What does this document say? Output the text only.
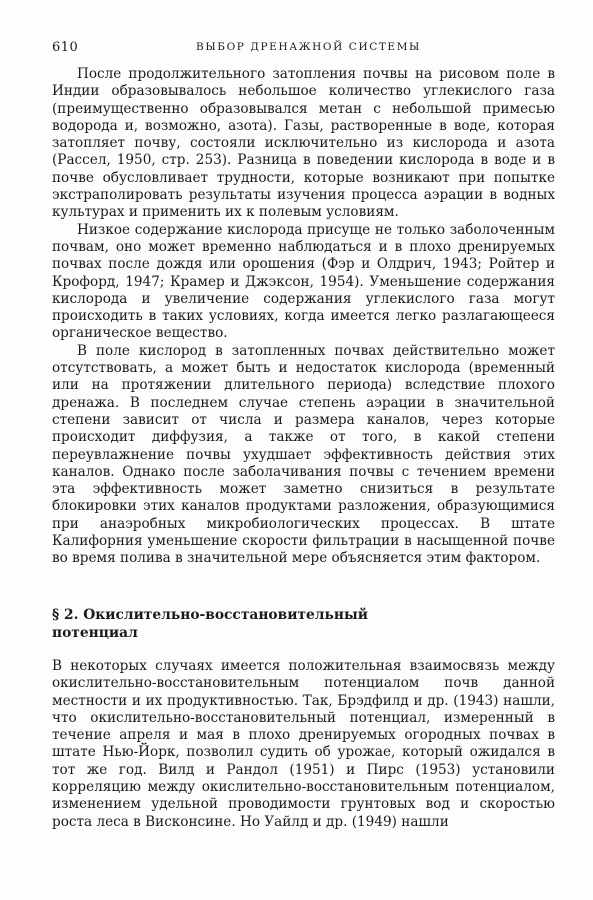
610	ВЫБОР ДРЕНАЖНОЙ СИСТЕМЫ

После продолжительного затопления почвы на рисовом поле в Индии образовывалось небольшое количество углекислого газа (преимущественно образовывался метан с небольшой примесью водорода и, возможно, азота). Газы, растворенные в воде, которая затопляет почву, состояли исключительно из кислорода и азота (Рассел, 1950, стр. 253). Разница в поведении кислорода в воде и в почве обусловливает трудности, которые возникают при попытке экстраполировать результаты изучения процесса аэрации в водных культурах и применить их к полевым условиям.

Низкое содержание кислорода присуще не только заболоченным почвам, оно может временно наблюдаться и в плохо дренируемых почвах после дождя или орошения (Фэр и Олдрич, 1943; Ройтер и Крофорд, 1947; Крамер и Джэксон, 1954). Уменьшение содержания кислорода и увеличение содержания углекислого газа могут происходить в таких условиях, когда имеется легко разлагающееся органическое вещество.

В поле кислород в затопленных почвах действительно может отсутствовать, а может быть и недостаток кислорода (временный или на протяжении длительного периода) вследствие плохого дренажа. В последнем случае степень аэрации в значительной степени зависит от числа и размера каналов, через которые происходит диффузия, а также от того, в какой степени переувлажнение почвы ухудшает эффективность действия этих каналов. Однако после заболачивания почвы с течением времени эта эффективность может заметно снизиться в результате блокировки этих каналов продуктами разложения, образующимися при анаэробных микробиологических процессах. В штате Калифорния уменьшение скорости фильтрации в насыщенной почве во время полива в значительной мере объясняется этим фактором.

§ 2. Окислительно-восстановительный
потенциал

В некоторых случаях имеется положительная взаимосвязь между окислительно-восстановительным потенциалом почв данной местности и их продуктивностью. Так, Брэдфилд и др. (1943) нашли, что окислительно-восстановительный потенциал, измеренный в течение апреля и мая в плохо дренируемых огородных почвах в штате Нью-Йорк, позволил судить об урожае, который ожидался в тот же год. Вилд и Рандол (1951) и Пирс (1953) установили корреляцию между окислительно-восстановительным потенциалом, изменением удельной проводимости грунтовых вод и скоростью роста леса в Висконсине. Но Уайлд и др. (1949) нашли
